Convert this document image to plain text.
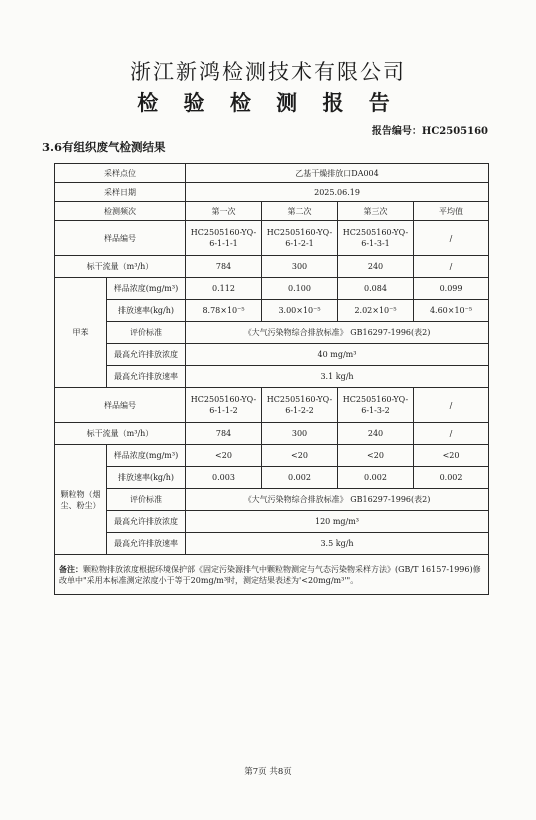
浙江新鸿检测技术有限公司
检 验 检 测 报 告
报告编号：HC2505160
3.6有组织废气检测结果
采样点位		乙基干燥排放口DA004			
采样日期		2025.06.19			
检测频次		第一次	第二次	第三次	平均值
样品编号		HC2505160-YQ-6-1-1-1	HC2505160-YQ-6-1-2-1	HC2505160-YQ-6-1-3-1	/
标干流量（m³/h）		784	300	240	/
甲苯	样品浓度(mg/m³)	0.112	0.100	0.084	0.099
	排放速率(kg/h)	8.78×10⁻⁵	3.00×10⁻⁵	2.02×10⁻⁵	4.60×10⁻⁵
	评价标准	《大气污染物综合排放标准》 GB16297-1996(表2)			
	最高允许排放浓度	40 mg/m³			
	最高允许排放速率	3.1 kg/h			
样品编号		HC2505160-YQ-6-1-1-2	HC2505160-YQ-6-1-2-2	HC2505160-YQ-6-1-3-2	/
标干流量（m³/h）		784	300	240	/
颗粒物（烟尘、粉尘）	样品浓度(mg/m³)	<20	<20	<20	<20
	排放速率(kg/h)	0.003	0.002	0.002	0.002
	评价标准	《大气污染物综合排放标准》 GB16297-1996(表2)			
	最高允许排放浓度	120 mg/m³			
	最高允许排放速率	3.5 kg/h			
备注：颗粒物排放浓度根据环境保护部《固定污染源排气中颗粒物测定与气态污染物采样方法》(GB/T 16157-1996)修改单中"采用本标准测定浓度小于等于20mg/m³时，测定结果表述为'<20mg/m³'"。					
第7页 共8页
